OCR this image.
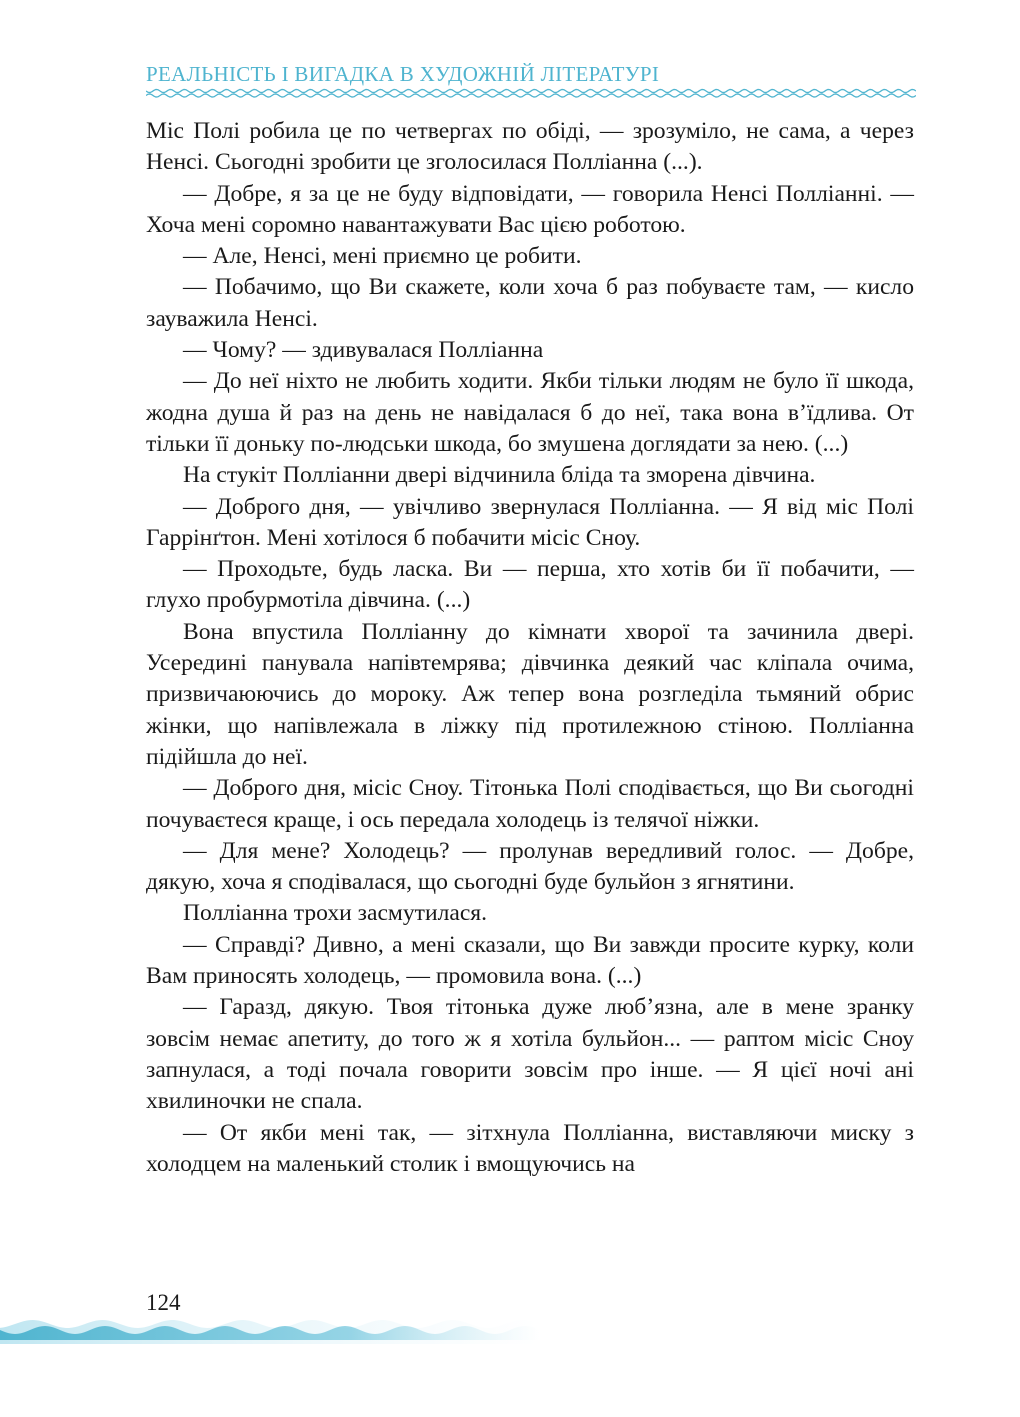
РЕАЛЬНІСТЬ І ВИГАДКА В ХУДОЖНІЙ ЛІТЕРАТУРІ

Міс Полі робила це по четвергах по обіді, — зрозуміло, не сама, а через Ненсі. Сьогодні зробити це зголосилася Полліанна (...).

— Добре, я за це не буду відповідати, — говорила Ненсі Полліанні. — Хоча мені соромно навантажувати Вас цією роботою.

— Але, Ненсі, мені приємно це робити.

— Побачимо, що Ви скажете, коли хоча б раз побуваєте там, — кисло зауважила Ненсі.

— Чому? — здивувалася Полліанна

— До неї ніхто не любить ходити. Якби тільки людям не було її шкода, жодна душа й раз на день не навідалася б до неї, така вона в’їдлива. От тільки її доньку по-людськи шкода, бо змушена доглядати за нею. (...)

На стукіт Полліанни двері відчинила бліда та зморена дівчина.

— Доброго дня, — увічливо звернулася Полліанна. — Я від міс Полі Гаррінґтон. Мені хотілося б побачити місіс Сноу.

— Проходьте, будь ласка. Ви — перша, хто хотів би її побачити, — глухо пробурмотіла дівчина. (...)

Вона впустила Полліанну до кімнати хворої та зачинила двері. Усередині панувала напівтемрява; дівчинка деякий час кліпала очима, призвичаюючись до мороку. Аж тепер вона розгледіла тьмяний обрис жінки, що напівлежала в ліжку під протилежною стіною. Полліанна підійшла до неї.

— Доброго дня, місіс Сноу. Тітонька Полі сподівається, що Ви сьогодні почуваєтеся краще, і ось передала холодець із телячої ніжки.

— Для мене? Холодець? — пролунав вередливий голос. — Добре, дякую, хоча я сподівалася, що сьогодні буде бульйон з ягнятини.

Полліанна трохи засмутилася.

— Справді? Дивно, а мені сказали, що Ви завжди просите курку, коли Вам приносять холодець, — промовила вона. (...)

— Гаразд, дякую. Твоя тітонька дуже люб’язна, але в мене зранку зовсім немає апетиту, до того ж я хотіла бульйон... — раптом місіс Сноу запнулася, а тоді почала говорити зовсім про інше. — Я цієї ночі ані хвилиночки не спала.

— От якби мені так, — зітхнула Полліанна, виставляючи миску з холодцем на маленький столик і вмощуючись на

124
